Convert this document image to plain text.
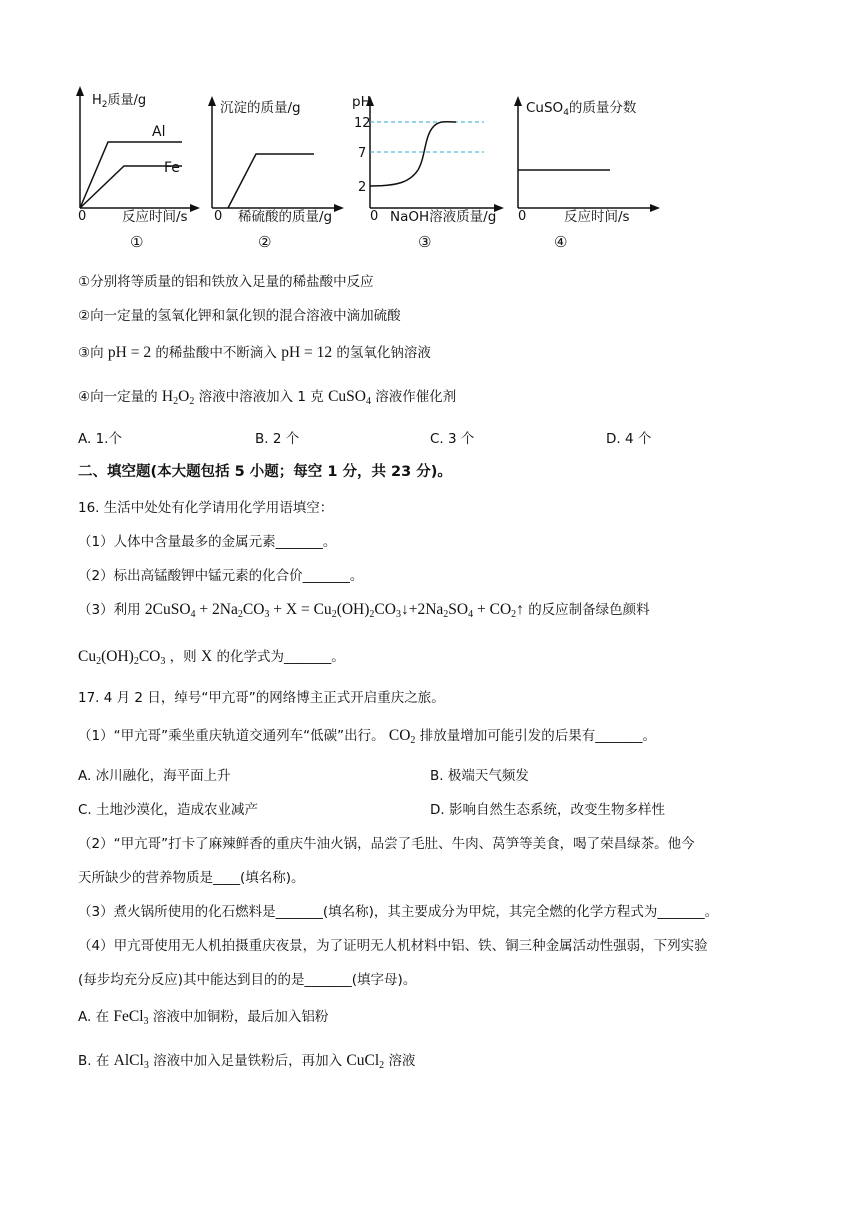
$H_2$质量/g
Al
Fe
0	反应时间/s
①
沉淀的质量/g
0 稀硫酸的质量/g
②
pH
12
7
2
0 NaOH溶液质量/g
③
CuSO$_4$的质量分数
0	反应时间/s
④
①分别将等质量的铝和铁放入足量的稀盐酸中反应
②向一定量的氢氧化钾和氯化钡的混合溶液中滴加硫酸
③向 pH = 2 的稀盐酸中不断滴入 pH = 12 的氢氧化钠溶液
④向一定量的 $H_2O_2$ 溶液中溶液加入 1 克 CuSO$_4$ 溶液作催化剂
A. 1.个	B. 2 个	C. 3 个	D. 4 个
二、填空题(本大题包括 5 小题；每空 1 分，共 23 分)。
16. 生活中处处有化学请用化学用语填空：
（1）人体中含量最多的金属元素_______。
（2）标出高锰酸钾中锰元素的化合价_______。
（3）利用 2CuSO$_4$ + $2Na_2CO_3 + X$ = $Cu_2(OH)_2CO_3↓+2Na_2SO_4$ + $CO_2↑$ 的反应制备绿色颜料
$Cu_2(OH)_2CO_3$ ，则 X 的化学式为_______。
17. 4 月 2 日，绰号“甲亢哥”的网络博主正式开启重庆之旅。
（1）“甲亢哥”乘坐重庆轨道交通列车“低碳”出行。 $CO_2$ 排放量增加可能引发的后果有_______。
A. 冰川融化，海平面上升	B. 极端天气频发
C. 土地沙漠化，造成农业减产	D. 影响自然生态系统，改变生物多样性
（2）“甲亢哥”打卡了麻辣鲜香的重庆牛油火锅，品尝了毛肚、牛肉、莴笋等美食，喝了荣昌绿茶。他今
天所缺少的营养物质是____(填名称)。
（3）煮火锅所使用的化石燃料是_______(填名称)，其主要成分为甲烷，其完全燃的化学方程式为_______。
（4）甲亢哥使用无人机拍摄重庆夜景，为了证明无人机材料中铝、铁、铜三种金属活动性强弱，下列实验
(每步均充分反应)其中能达到目的的是_______(填字母)。
A. 在 FeCl$_3$ 溶液中加铜粉，最后加入铝粉
B. 在 AlCl$_3$ 溶液中加入足量铁粉后，再加入 CuCl$_2$ 溶液
